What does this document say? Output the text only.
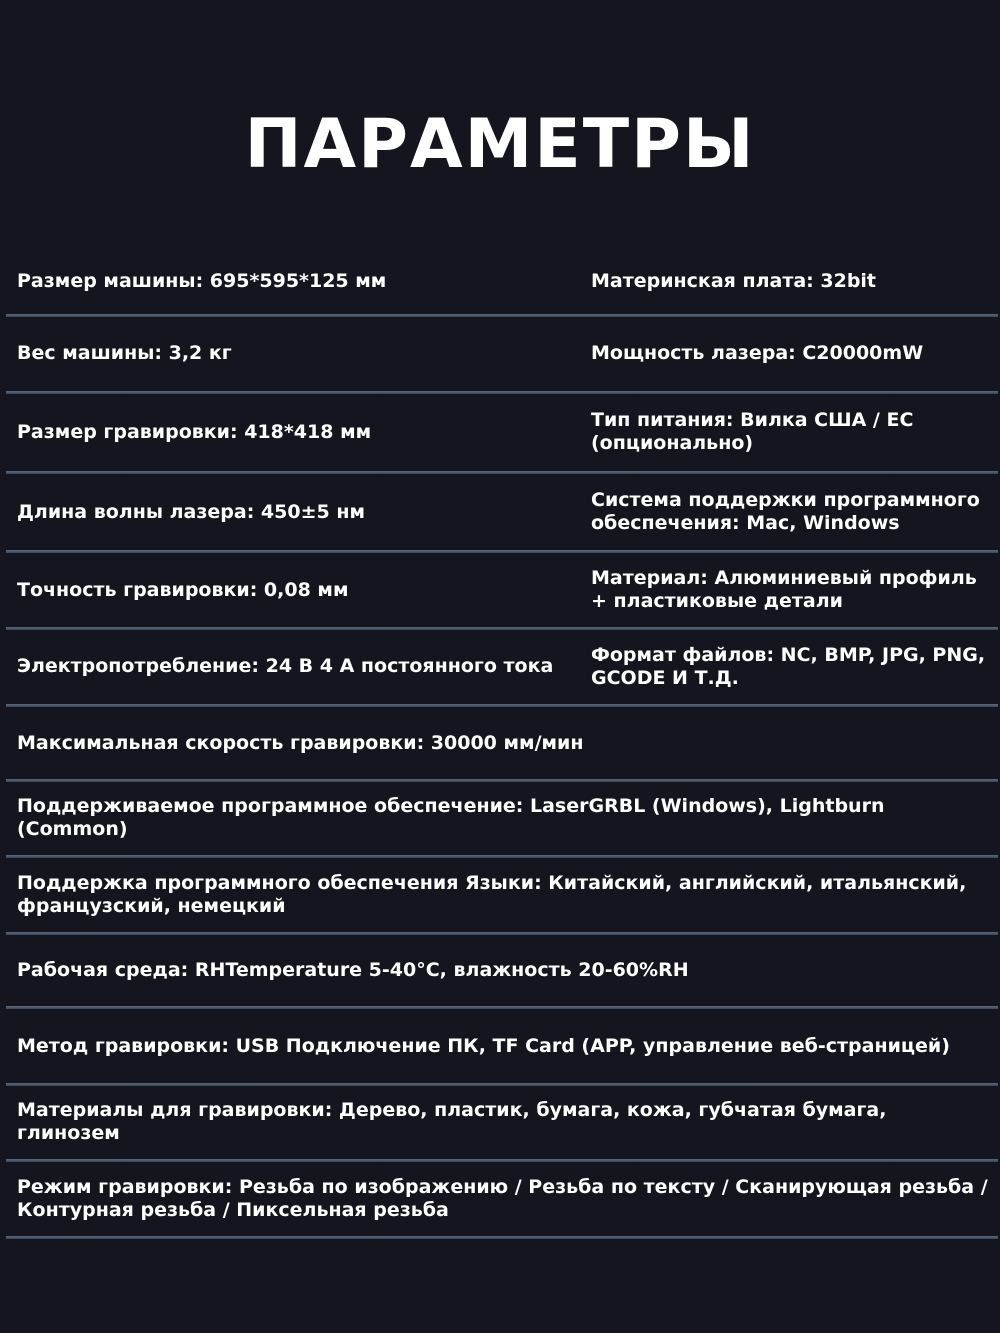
ПАРАМЕТРЫ
Размер машины: 695*595*125 мм	Материнская плата: 32bit
Вес машины: 3,2 кг	Мощность лазера: C20000mW
Размер гравировки: 418*418 мм
Тип питания: Вилка США / ЕС (опционально)
Длина волны лазера: 450±5 нм
Система поддержки программного обеспечения: Mac, Windows
Точность гравировки: 0,08 мм
Материал: Алюминиевый профиль + пластиковые детали
Электропотребление: 24 В 4 А постоянного тока
Формат файлов: NC, BMP, JPG, PNG, GCODE И Т.Д.
Максимальная скорость гравировки: 30000 мм/мин
Поддерживаемое программное обеспечение: LaserGRBL (Windows), Lightburn (Common)
Поддержка программного обеспечения Языки: Китайский, английский, итальянский, французский, немецкий
Рабочая среда: RHTemperature 5-40°C, влажность 20-60%RH
Метод гравировки: USB Подключение ПК, TF Card (APP, управление веб-страницей)
Материалы для гравировки: Дерево, пластик, бумага, кожа, губчатая бумага, глинозем
Режим гравировки: Резьба по изображению / Резьба по тексту / Сканирующая резьба / Контурная резьба / Пиксельная резьба
